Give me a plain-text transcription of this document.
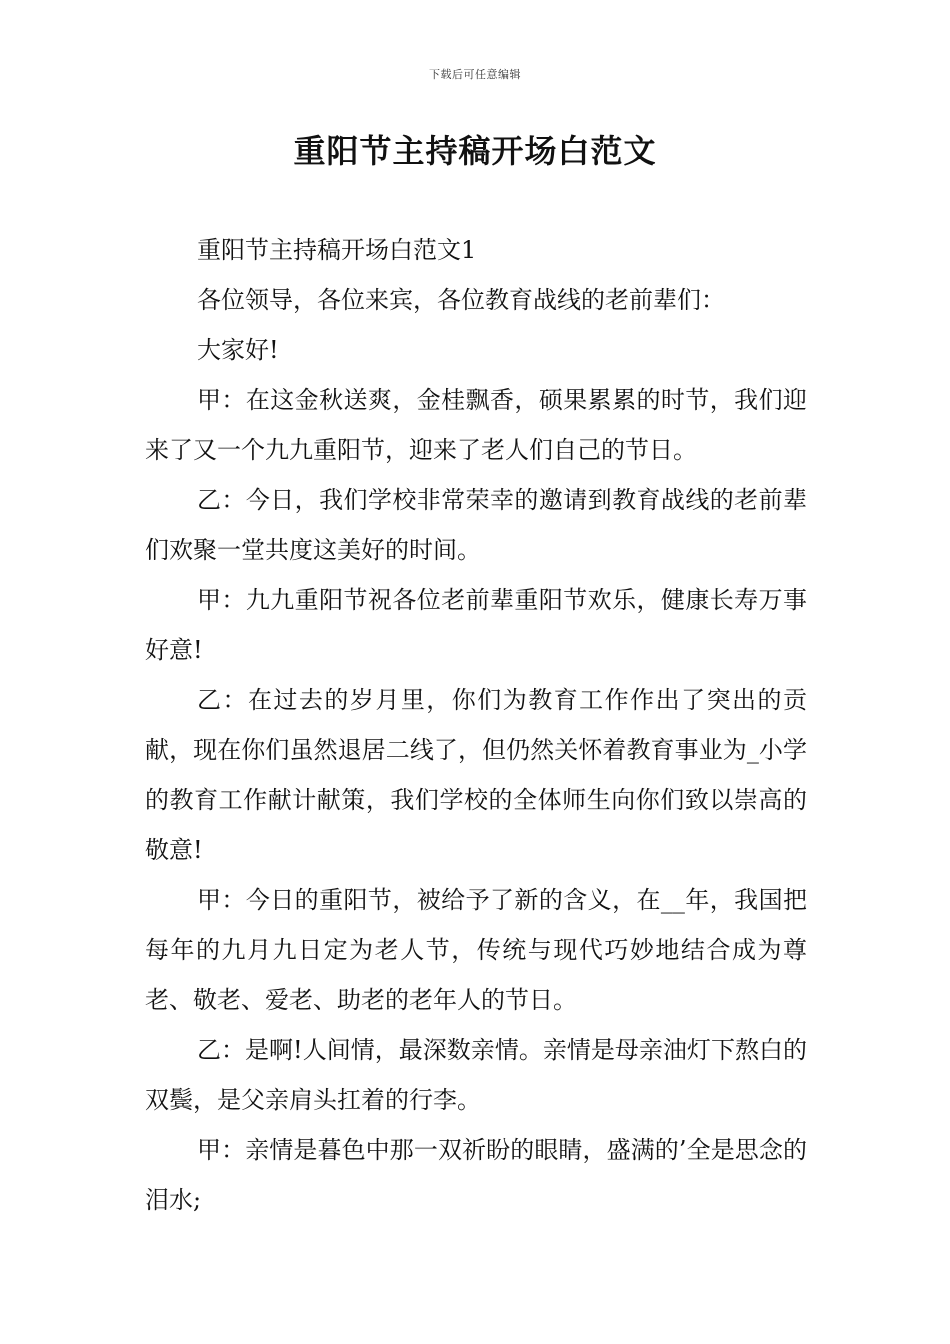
下载后可任意编辑
重阳节主持稿开场白范文

重阳节主持稿开场白范文1

各位领导，各位来宾，各位教育战线的老前辈们：

大家好!

甲：在这金秋送爽，金桂飘香，硕果累累的时节，我们迎来了又一个九九重阳节，迎来了老人们自己的节日。

乙：今日，我们学校非常荣幸的邀请到教育战线的老前辈们欢聚一堂共度这美好的时间。

甲：九九重阳节祝各位老前辈重阳节欢乐，健康长寿万事好意!

乙：在过去的岁月里，你们为教育工作作出了突出的贡献，现在你们虽然退居二线了，但仍然关怀着教育事业为_小学的教育工作献计献策，我们学校的全体师生向你们致以崇高的敬意!

甲：今日的重阳节，被给予了新的含义，在__年，我国把每年的九月九日定为老人节，传统与现代巧妙地结合成为尊老、敬老、爱老、助老的老年人的节日。

乙：是啊!人间情，最深数亲情。亲情是母亲油灯下熬白的双鬓，是父亲肩头扛着的行李。

甲：亲情是暮色中那一双祈盼的眼睛，盛满的’全是思念的泪水;
